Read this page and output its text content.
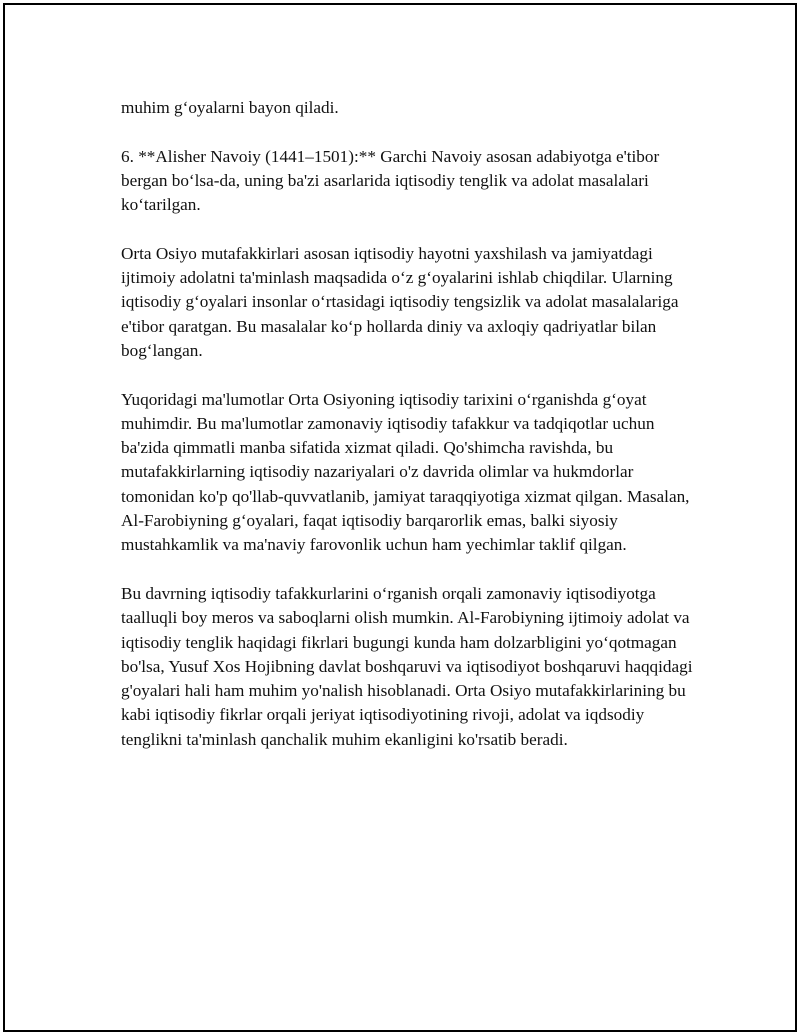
muhim g‘oyalarni bayon qiladi.

6. **Alisher Navoiy (1441–1501):** Garchi Navoiy asosan adabiyotga e'tibor bergan bo‘lsa-da, uning ba'zi asarlarida iqtisodiy tenglik va adolat masalalari ko‘tarilgan.

Orta Osiyo mutafakkirlari asosan iqtisodiy hayotni yaxshilash va jamiyatdagi ijtimoiy adolatni ta'minlash maqsadida o‘z g‘oyalarini ishlab chiqdilar. Ularning iqtisodiy g‘oyalari insonlar o‘rtasidagi iqtisodiy tengsizlik va adolat masalalariga e'tibor qaratgan. Bu masalalar ko‘p hollarda diniy va axloqiy qadriyatlar bilan bog‘langan.

Yuqoridagi ma'lumotlar Orta Osiyoning iqtisodiy tarixini o‘rganishda g‘oyat muhimdir. Bu ma'lumotlar zamonaviy iqtisodiy tafakkur va tadqiqotlar uchun ba'zida qimmatli manba sifatida xizmat qiladi. Qo'shimcha ravishda, bu mutafakkirlarning iqtisodiy nazariyalari o'z davrida olimlar va hukmdorlar tomonidan ko'p qo'llab-quvvatlanib, jamiyat taraqqiyotiga xizmat qilgan. Masalan, Al-Farobiyning g‘oyalari, faqat iqtisodiy barqarorlik emas, balki siyosiy mustahkamlik va ma'naviy farovonlik uchun ham yechimlar taklif qilgan.

Bu davrning iqtisodiy tafakkurlarini o‘rganish orqali zamonaviy iqtisodiyotga taalluqli boy meros va saboqlarni olish mumkin. Al-Farobiyning ijtimoiy adolat va iqtisodiy tenglik haqidagi fikrlari bugungi kunda ham dolzarbligini yo‘qotmagan bo'lsa, Yusuf Xos Hojibning davlat boshqaruvi va iqtisodiyot boshqaruvi haqqidagi g'oyalari hali ham muhim yo'nalish hisoblanadi. Orta Osiyo mutafakkirlarining bu kabi iqtisodiy fikrlar orqali jeriyat iqtisodiyotining rivoji, adolat va iqdsodiy tenglikni ta'minlash qanchalik muhim ekanligini ko'rsatib beradi.
